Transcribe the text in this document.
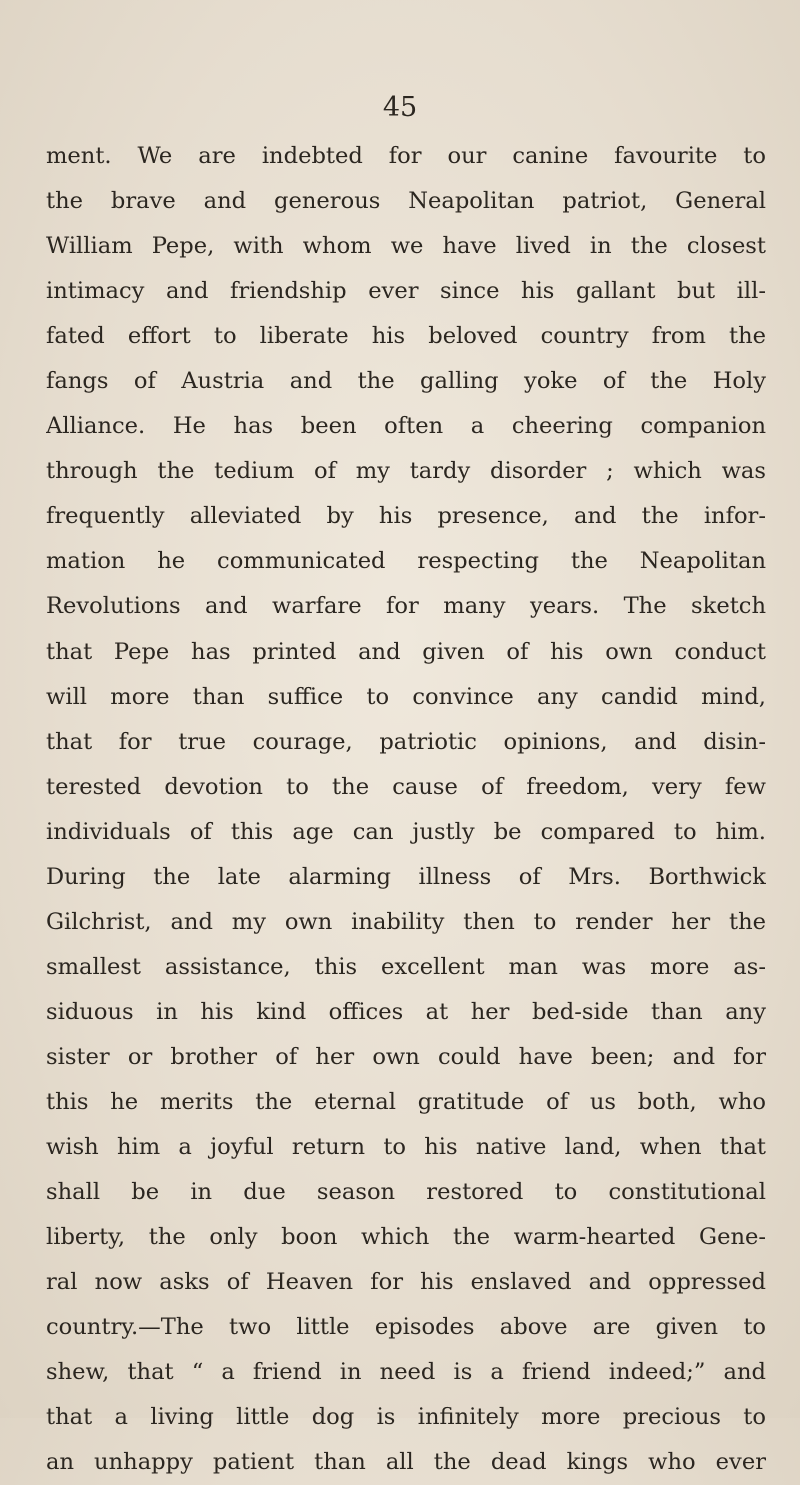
45
ment. We are indebted for our canine favourite to
the brave and generous Neapolitan patriot, General
William Pepe, with whom we have lived in the closest
intimacy and friendship ever since his gallant but ill-
fated effort to liberate his beloved country from the
fangs of Austria and the galling yoke of the Holy
Alliance. He has been often a cheering companion
through the tedium of my tardy disorder ; which was
frequently alleviated by his presence, and the infor-
mation he communicated respecting the Neapolitan
Revolutions and warfare for many years. The sketch
that Pepe has printed and given of his own conduct
will more than suffice to convince any candid mind,
that for true courage, patriotic opinions, and disin-
terested devotion to the cause of freedom, very few
individuals of this age can justly be compared to him.
During the late alarming illness of Mrs. Borthwick
Gilchrist, and my own inability then to render her the
smallest assistance, this excellent man was more as-
siduous in his kind offices at her bed-side than any
sister or brother of her own could have been; and for
this he merits the eternal gratitude of us both, who
wish him a joyful return to his native land, when that
shall be in due season restored to constitutional
liberty, the only boon which the warm-hearted Gene-
ral now asks of Heaven for his enslaved and oppressed
country.—The two little episodes above are given to
shew, that “ a friend in need is a friend indeed;” and
that a living little dog is infinitely more precious to
an unhappy patient than all the dead kings who ever
